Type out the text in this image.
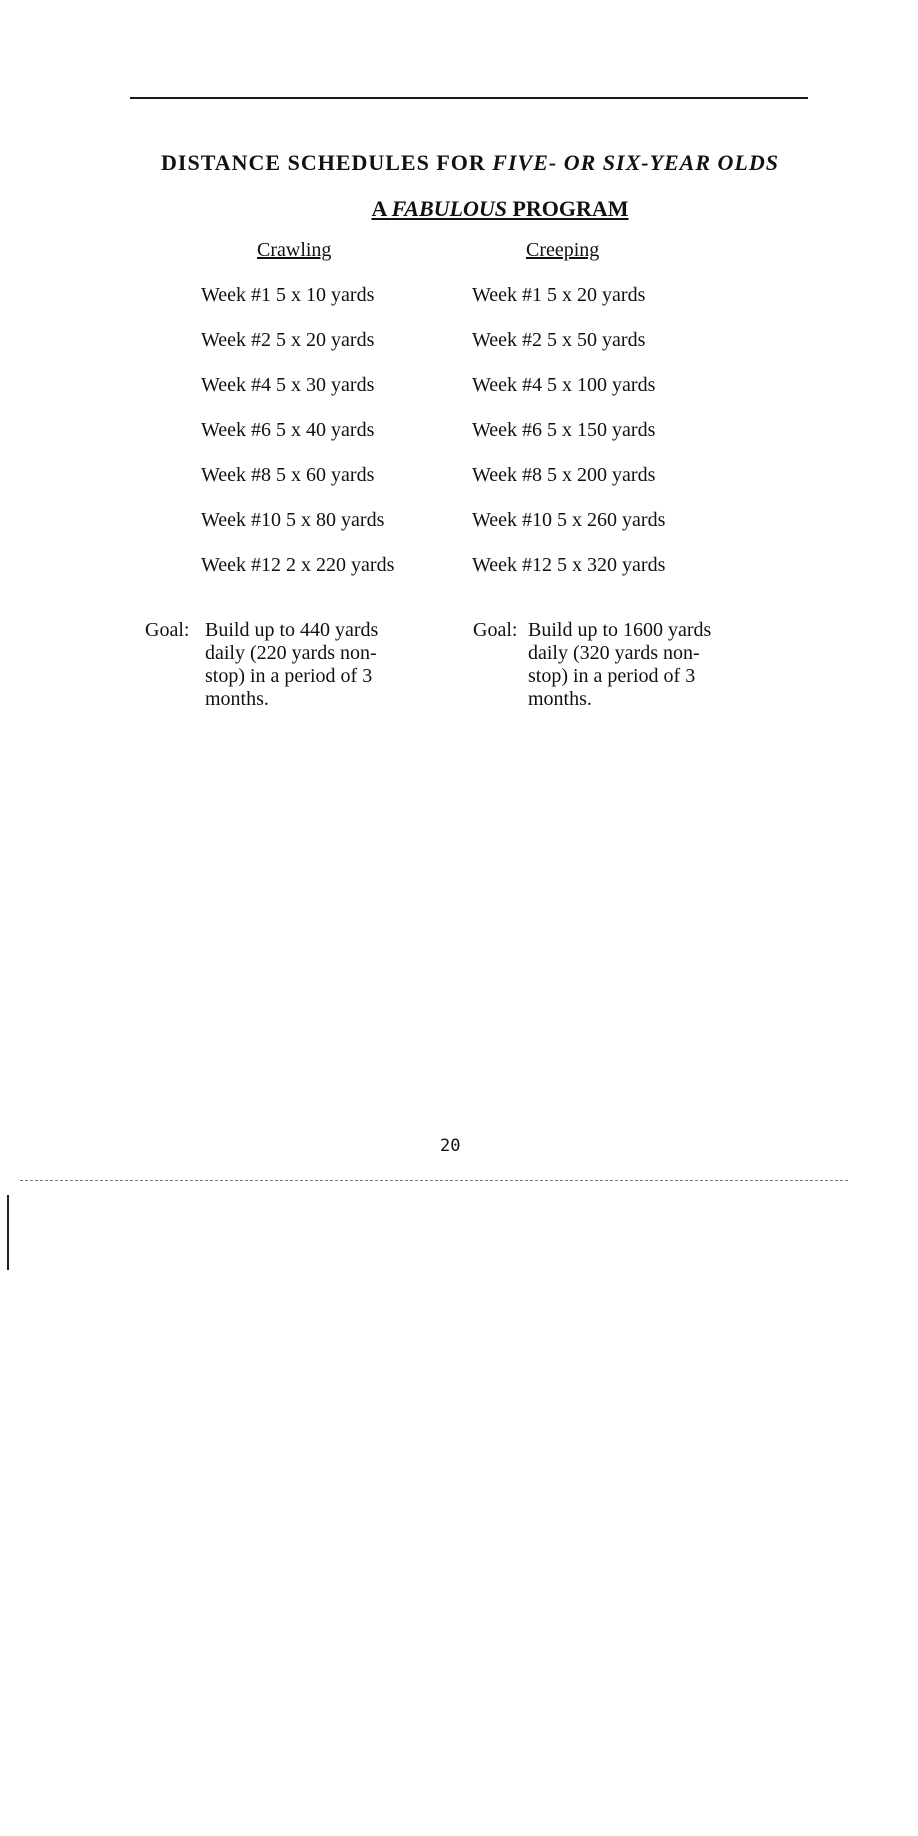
DISTANCE SCHEDULES FOR FIVE- OR SIX-YEAR OLDS
A FABULOUS PROGRAM
Crawling	Creeping
Week #1 5 x 10 yards
Week #2 5 x 20 yards
Week #4 5 x 30 yards
Week #6 5 x 40 yards
Week #8 5 x 60 yards
Week #10 5 x 80 yards
Week #12 2 x 220 yards
Week #1 5 x 20 yards
Week #2 5 x 50 yards
Week #4 5 x 100 yards
Week #6 5 x 150 yards
Week #8 5 x 200 yards
Week #10 5 x 260 yards
Week #12 5 x 320 yards
Goal: Build up to 440 yards daily (220 yards non-stop) in a period of 3 months.
Goal: Build up to 1600 yards daily (320 yards non-stop) in a period of 3 months.
20
